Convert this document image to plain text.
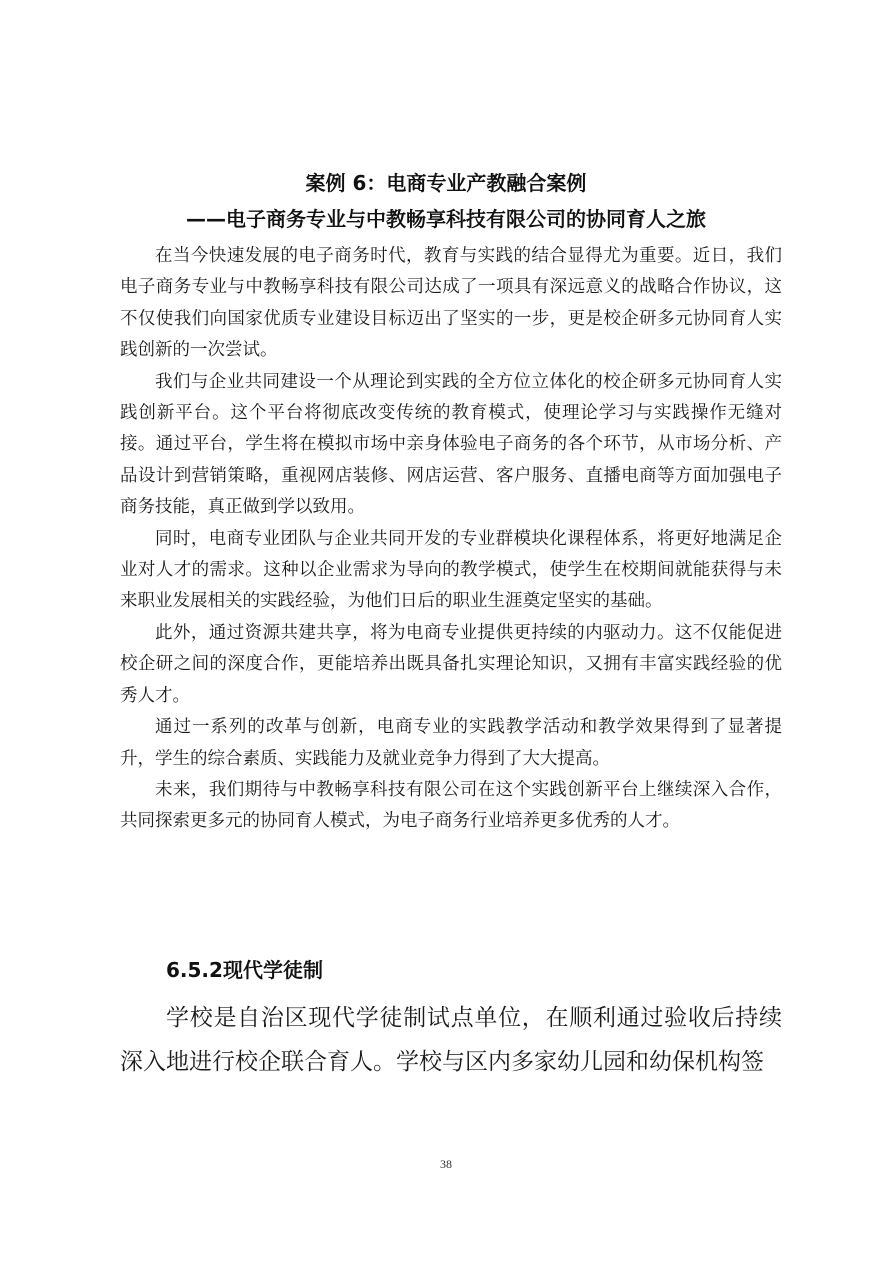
案例 6：电商专业产教融合案例
——电子商务专业与中教畅享科技有限公司的协同育人之旅

在当今快速发展的电子商务时代，教育与实践的结合显得尤为重要。近日，我们电子商务专业与中教畅享科技有限公司达成了一项具有深远意义的战略合作协议，这不仅使我们向国家优质专业建设目标迈出了坚实的一步，更是校企研多元协同育人实践创新的一次尝试。

我们与企业共同建设一个从理论到实践的全方位立体化的校企研多元协同育人实践创新平台。这个平台将彻底改变传统的教育模式，使理论学习与实践操作无缝对接。通过平台，学生将在模拟市场中亲身体验电子商务的各个环节，从市场分析、产品设计到营销策略，重视网店装修、网店运营、客户服务、直播电商等方面加强电子商务技能，真正做到学以致用。

同时，电商专业团队与企业共同开发的专业群模块化课程体系，将更好地满足企业对人才的需求。这种以企业需求为导向的教学模式，使学生在校期间就能获得与未来职业发展相关的实践经验，为他们日后的职业生涯奠定坚实的基础。

此外，通过资源共建共享，将为电商专业提供更持续的内驱动力。这不仅能促进校企研之间的深度合作，更能培养出既具备扎实理论知识，又拥有丰富实践经验的优秀人才。

通过一系列的改革与创新，电商专业的实践教学活动和教学效果得到了显著提升，学生的综合素质、实践能力及就业竞争力得到了大大提高。

未来，我们期待与中教畅享科技有限公司在这个实践创新平台上继续深入合作，共同探索更多元的协同育人模式，为电子商务行业培养更多优秀的人才。

6.5.2现代学徒制

学校是自治区现代学徒制试点单位，在顺利通过验收后持续深入地进行校企联合育人。学校与区内多家幼儿园和幼保机构签

38
